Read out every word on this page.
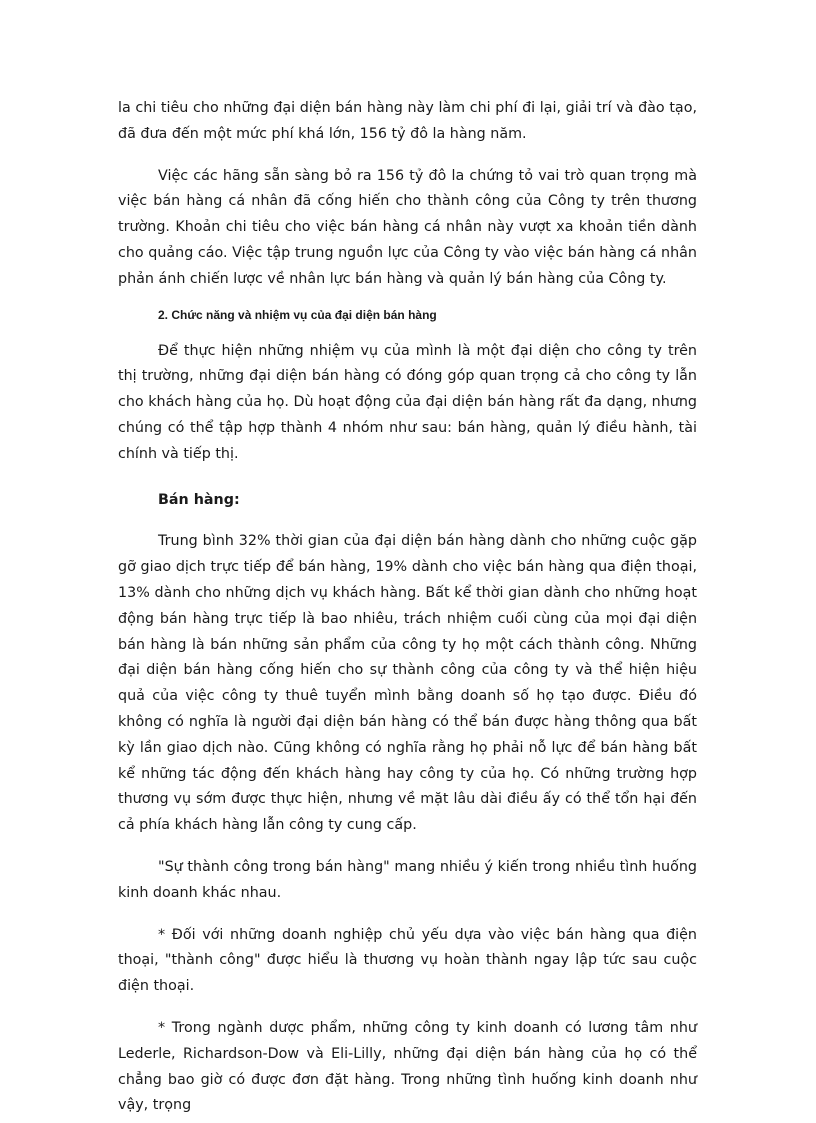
la chi tiêu cho những đại diện bán hàng này làm chi phí đi lại, giải trí và đào tạo, đã đưa đến một mức phí khá lớn, 156 tỷ đô la hàng năm.

Việc các hãng sẵn sàng bỏ ra 156 tỷ đô la chứng tỏ vai trò quan trọng mà việc bán hàng cá nhân đã cống hiến cho thành công của Công ty trên thương trường. Khoản chi tiêu cho việc bán hàng cá nhân này vượt xa khoản tiền dành cho quảng cáo. Việc tập trung nguồn lực của Công ty vào việc bán hàng cá nhân phản ánh chiến lược về nhân lực bán hàng và quản lý bán hàng của Công ty.

2. Chức năng và nhiệm vụ của đại diện bán hàng

Để thực hiện những nhiệm vụ của mình là một đại diện cho công ty trên thị trường, những đại diện bán hàng có đóng góp quan trọng cả cho công ty lẫn cho khách hàng của họ. Dù hoạt động của đại diện bán hàng rất đa dạng, nhưng chúng có thể tập hợp thành 4 nhóm như sau: bán hàng, quản lý điều hành, tài chính và tiếp thị.

Bán hàng:

Trung bình 32% thời gian của đại diện bán hàng dành cho những cuộc gặp gỡ giao dịch trực tiếp để bán hàng, 19% dành cho việc bán hàng qua điện thoại, 13% dành cho những dịch vụ khách hàng. Bất kể thời gian dành cho những hoạt động bán hàng trực tiếp là bao nhiêu, trách nhiệm cuối cùng của mọi đại diện bán hàng là bán những sản phẩm của công ty họ một cách thành công. Những đại diện bán hàng cống hiến cho sự thành công của công ty và thể hiện hiệu quả của việc công ty thuê tuyển mình bằng doanh số họ tạo được. Điều đó không có nghĩa là người đại diện bán hàng có thể bán được hàng thông qua bất kỳ lần giao dịch nào. Cũng không có nghĩa rằng họ phải nỗ lực để bán hàng bất kể những tác động đến khách hàng hay công ty của họ. Có những trường hợp thương vụ sớm được thực hiện, nhưng về mặt lâu dài điều ấy có thể tổn hại đến cả phía khách hàng lẫn công ty cung cấp.

"Sự thành công trong bán hàng" mang nhiều ý kiến trong nhiều tình huống kinh doanh khác nhau.

* Đối với những doanh nghiệp chủ yếu dựa vào việc bán hàng qua điện thoại, "thành công" được hiểu là thương vụ hoàn thành ngay lập tức sau cuộc điện thoại.

* Trong ngành dược phẩm, những công ty kinh doanh có lương tâm như Lederle, Richardson-Dow và Eli-Lilly, những đại diện bán hàng của họ có thể chẳng bao giờ có được đơn đặt hàng. Trong những tình huống kinh doanh như vậy, trọng
